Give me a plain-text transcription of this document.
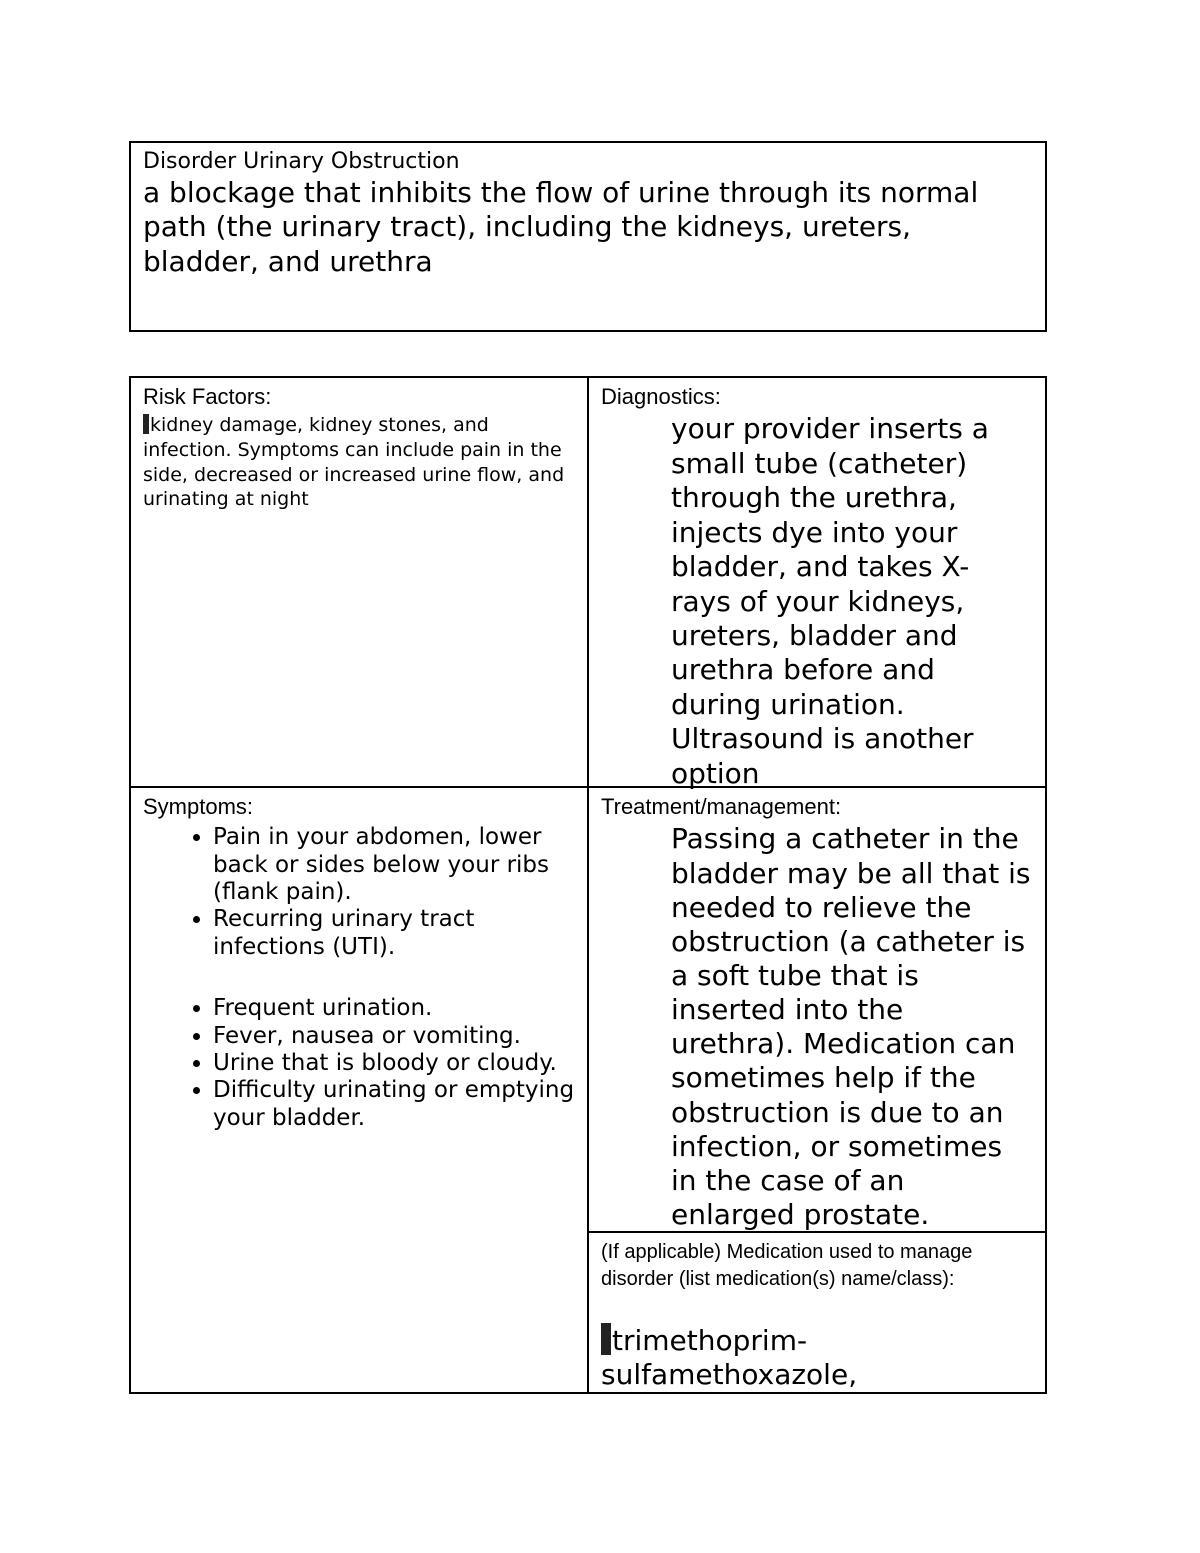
Disorder Urinary Obstruction
a blockage that inhibits the flow of urine through its normal path (the urinary tract), including the kidneys, ureters, bladder, and urethra
Risk Factors:
kidney damage, kidney stones, and infection. Symptoms can include pain in the side, decreased or increased urine flow, and urinating at night
Diagnostics:
your provider inserts a small tube (catheter) through the urethra, injects dye into your bladder, and takes X-rays of your kidneys, ureters, bladder and urethra before and during urination. Ultrasound is another option
Symptoms:
• Pain in your abdomen, lower back or sides below your ribs (flank pain).
• Recurring urinary tract infections (UTI).
• Frequent urination.
• Fever, nausea or vomiting.
• Urine that is bloody or cloudy.
• Difficulty urinating or emptying your bladder.
Treatment/management:
Passing a catheter in the bladder may be all that is needed to relieve the obstruction (a catheter is a soft tube that is inserted into the urethra). Medication can sometimes help if the obstruction is due to an infection, or sometimes in the case of an enlarged prostate.
(If applicable) Medication used to manage disorder (list medication(s) name/class):
trimethoprim-sulfamethoxazole,
